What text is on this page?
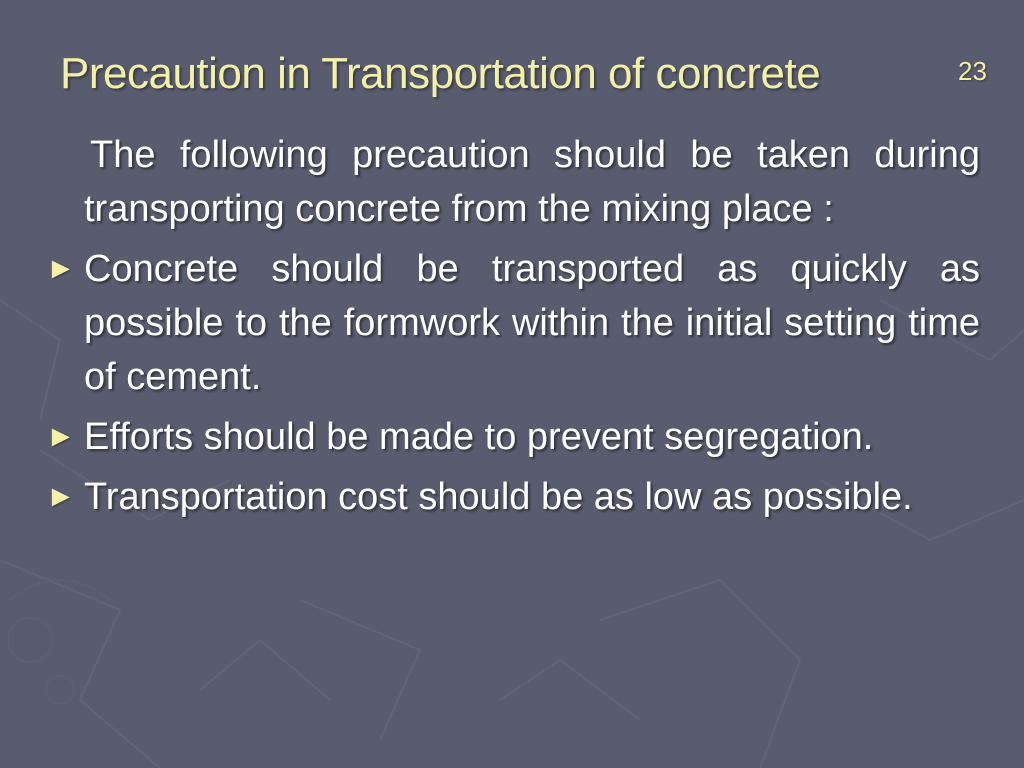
Precaution in Transportation of concrete	23

The following precaution should be taken during transporting concrete from the mixing place :

► Concrete should be transported as quickly as possible to the formwork within the initial setting time of cement.
► Efforts should be made to prevent segregation.
► Transportation cost should be as low as possible.
